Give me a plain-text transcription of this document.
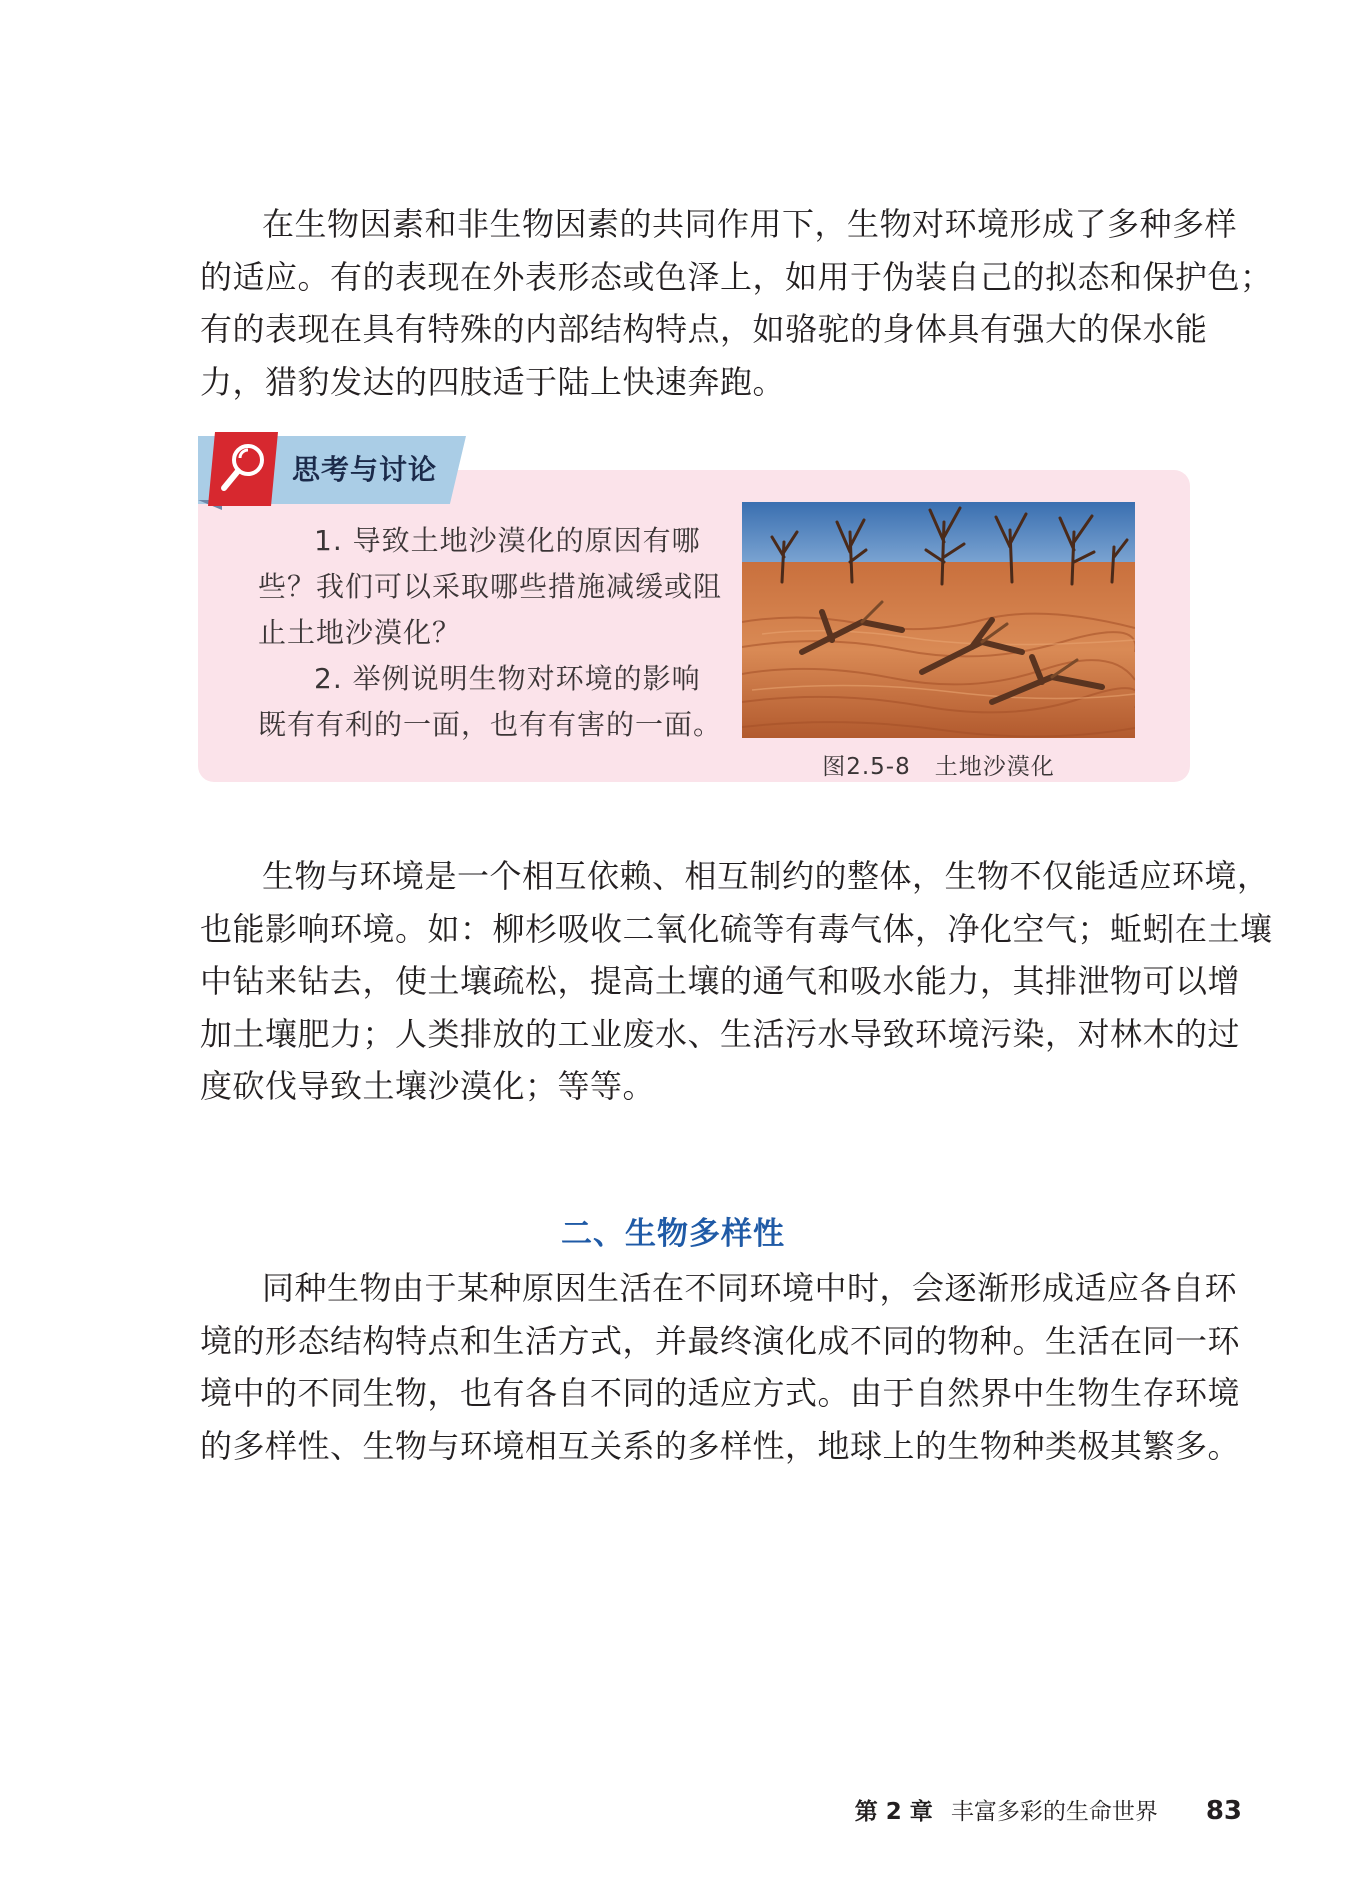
在生物因素和非生物因素的共同作用下，生物对环境形成了多种多样
的适应。有的表现在外表形态或色泽上，如用于伪装自己的拟态和保护色；
有的表现在具有特殊的内部结构特点，如骆驼的身体具有强大的保水能
力，猎豹发达的四肢适于陆上快速奔跑。
思考与讨论
1. 导致土地沙漠化的原因有哪
些？我们可以采取哪些措施减缓或阻
止土地沙漠化？
2. 举例说明生物对环境的影响
既有有利的一面，也有有害的一面。
图2.5-8　土地沙漠化
生物与环境是一个相互依赖、相互制约的整体，生物不仅能适应环境，
也能影响环境。如：柳杉吸收二氧化硫等有毒气体，净化空气；蚯蚓在土壤
中钻来钻去，使土壤疏松，提高土壤的通气和吸水能力，其排泄物可以增
加土壤肥力；人类排放的工业废水、生活污水导致环境污染，对林木的过
度砍伐导致土壤沙漠化；等等。
二、生物多样性
同种生物由于某种原因生活在不同环境中时，会逐渐形成适应各自环
境的形态结构特点和生活方式，并最终演化成不同的物种。生活在同一环
境中的不同生物，也有各自不同的适应方式。由于自然界中生物生存环境
的多样性、生物与环境相互关系的多样性，地球上的生物种类极其繁多。
第 2 章 丰富多彩的生命世界 83
